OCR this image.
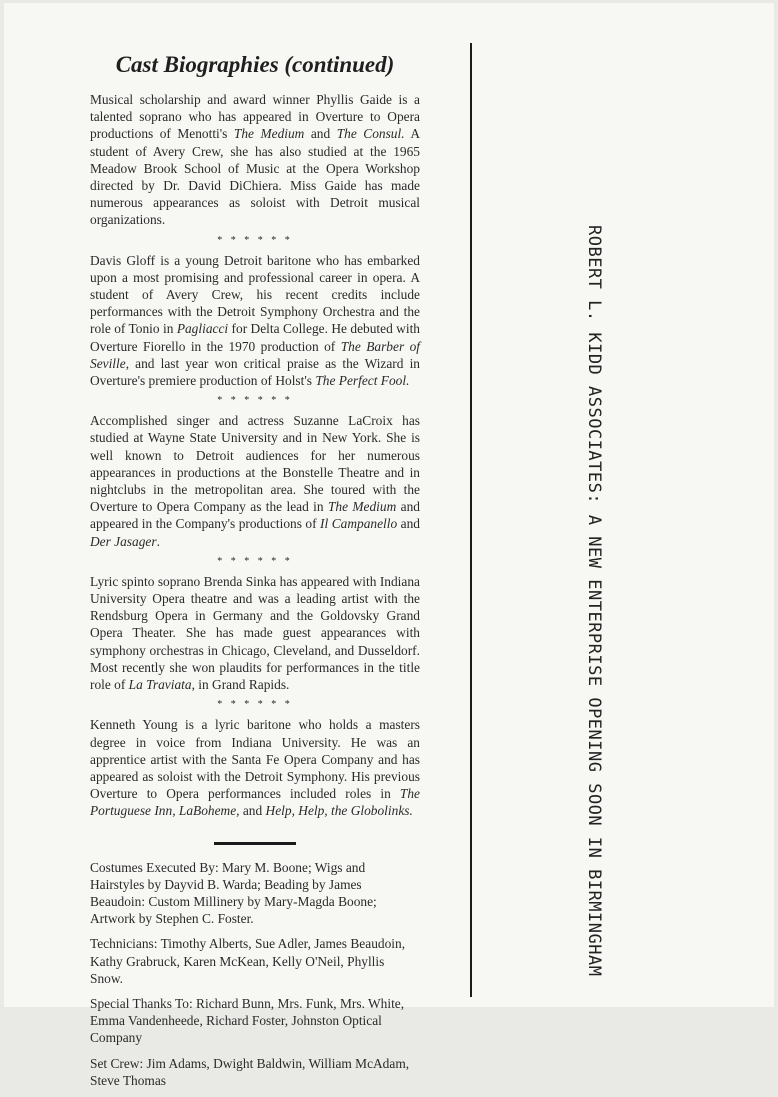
Cast Biographies (continued)

Musical scholarship and award winner Phyllis Gaide is a talented soprano who has appeared in Overture to Opera productions of Menotti's The Medium and The Consul. A student of Avery Crew, she has also studied at the 1965 Meadow Brook School of Music at the Opera Workshop directed by Dr. David DiChiera. Miss Gaide has made numerous appearances as soloist with Detroit musical organizations.

* * * * * *

Davis Gloff is a young Detroit baritone who has embarked upon a most promising and professional career in opera. A student of Avery Crew, his recent credits include performances with the Detroit Symphony Orchestra and the role of Tonio in Pagliacci for Delta College. He debuted with Overture Fiorello in the 1970 production of The Barber of Seville, and last year won critical praise as the Wizard in Overture's premiere production of Holst's The Perfect Fool.

* * * * * *

Accomplished singer and actress Suzanne LaCroix has studied at Wayne State University and in New York. She is well known to Detroit audiences for her numerous appearances in productions at the Bonstelle Theatre and in nightclubs in the metropolitan area. She toured with the Overture to Opera Company as the lead in The Medium and appeared in the Company's productions of Il Campanello and Der Jasager.

* * * * * *

Lyric spinto soprano Brenda Sinka has appeared with Indiana University Opera theatre and was a leading artist with the Rendsburg Opera in Germany and the Goldovsky Grand Opera Theater. She has made guest appearances with symphony orchestras in Chicago, Cleveland, and Dusseldorf. Most recently she won plaudits for performances in the title role of La Traviata, in Grand Rapids.

* * * * * *

Kenneth Young is a lyric baritone who holds a masters degree in voice from Indiana University. He was an apprentice artist with the Santa Fe Opera Company and has appeared as soloist with the Detroit Symphony. His previous Overture to Opera performances included roles in The Portuguese Inn, LaBoheme, and Help, Help, the Globolinks.

Costumes Executed By: Mary M. Boone; Wigs and Hairstyles by Dayvid B. Warda; Beading by James Beaudoin: Custom Millinery by Mary-Magda Boone; Artwork by Stephen C. Foster.

Technicians: Timothy Alberts, Sue Adler, James Beaudoin, Kathy Grabruck, Karen McKean, Kelly O'Neil, Phyllis Snow.

Special Thanks To: Richard Bunn, Mrs. Funk, Mrs. White, Emma Vandenheede, Richard Foster, Johnston Optical Company

Set Crew: Jim Adams, Dwight Baldwin, William McAdam, Steve Thomas

ROBERT L. KIDD ASSOCIATES: A NEW ENTERPRISE OPENING SOON IN BIRMINGHAM
